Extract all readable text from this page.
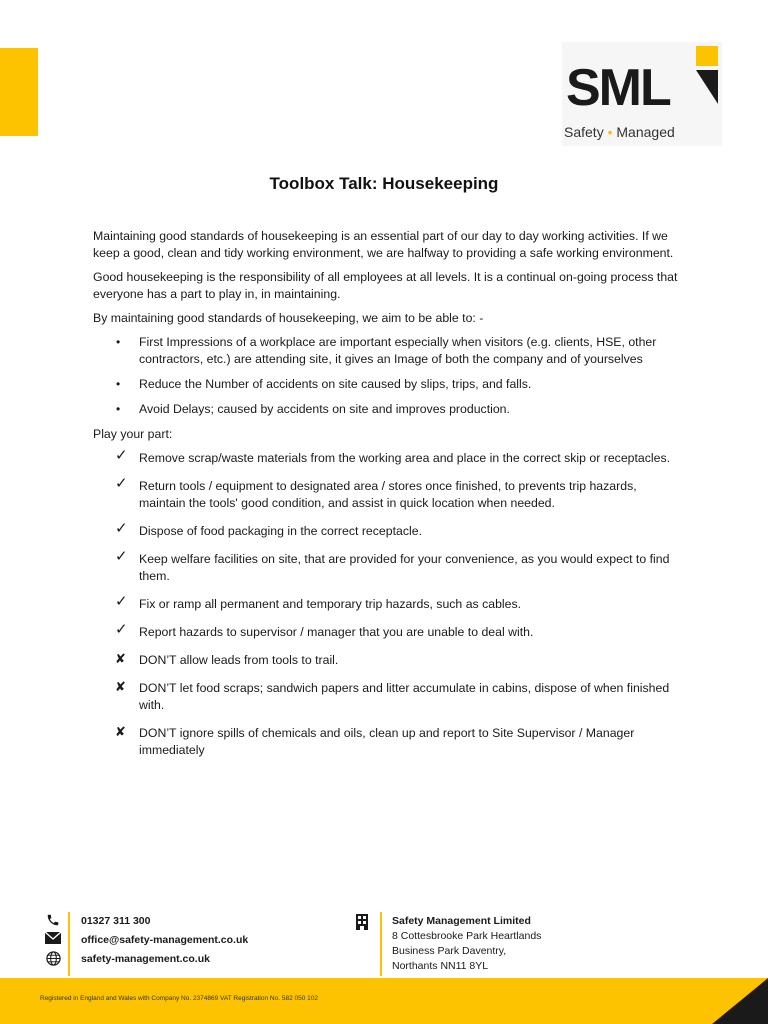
SML
Safety • Managed
Toolbox Talk: Housekeeping

Maintaining good standards of housekeeping is an essential part of our day to day working activities. If we keep a good, clean and tidy working environment, we are halfway to providing a safe working environment.

Good housekeeping is the responsibility of all employees at all levels. It is a continual on-going process that everyone has a part to play in, in maintaining.

By maintaining good standards of housekeeping, we aim to be able to: -

•	First Impressions of a workplace are important especially when visitors (e.g. clients, HSE, other contractors, etc.) are attending site, it gives an Image of both the company and of yourselves
•	Reduce the Number of accidents on site caused by slips, trips, and falls.
•	Avoid Delays; caused by accidents on site and improves production.

Play your part:

✓ Remove scrap/waste materials from the working area and place in the correct skip or receptacles.
✓ Return tools / equipment to designated area / stores once finished, to prevents trip hazards, maintain the tools' good condition, and assist in quick location when needed.
✓ Dispose of food packaging in the correct receptacle.
✓ Keep welfare facilities on site, that are provided for your convenience, as you would expect to find them.
✓ Fix or ramp all permanent and temporary trip hazards, such as cables.
✓ Report hazards to supervisor / manager that you are unable to deal with.
✘	DON’T allow leads from tools to trail.
✘	DON’T let food scraps; sandwich papers and litter accumulate in cabins, dispose of when finished with.
✘	DON’T ignore spills of chemicals and oils, clean up and report to Site Supervisor / Manager immediately
01327 311 300
office@safety-management.co.uk
safety-management.co.uk
Safety Management Limited
8 Cottesbrooke Park Heartlands
Business Park Daventry,
Northants NN11 8YL
Registered in England and Wales with Company No. 2374869 VAT Registration No. 582 050 102
